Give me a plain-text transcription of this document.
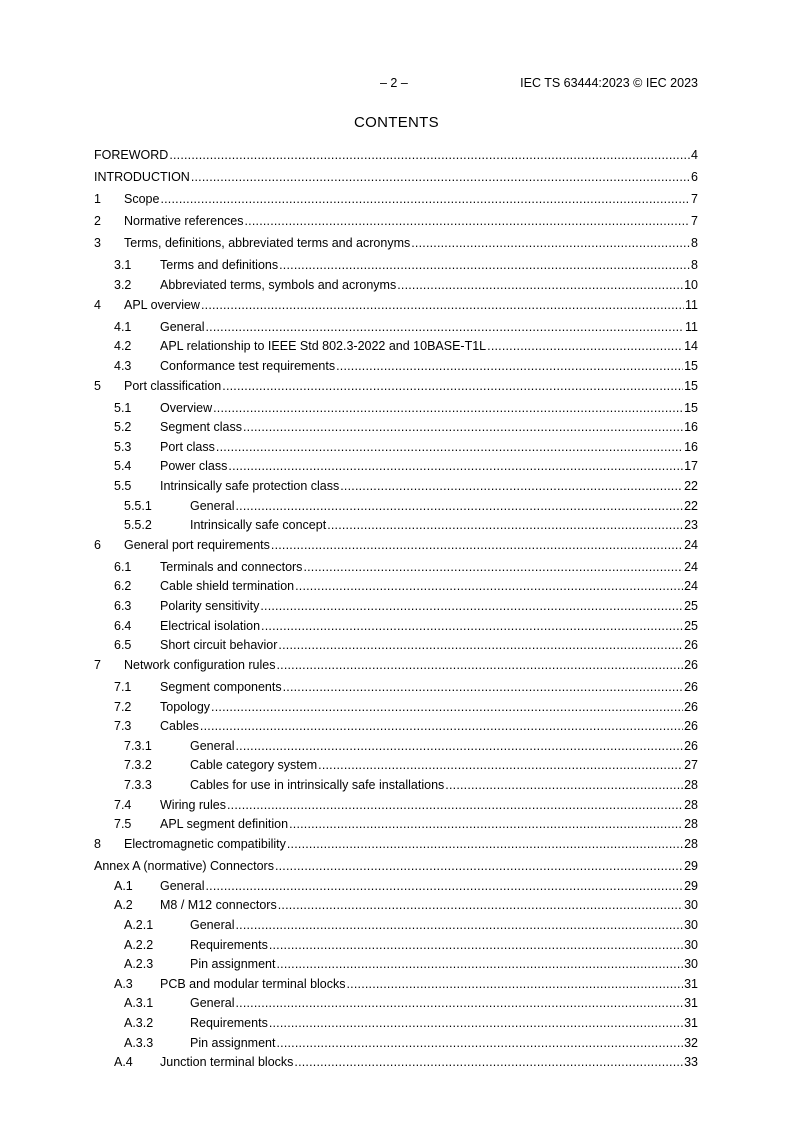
– 2 –	IEC TS 63444:2023 © IEC 2023
CONTENTS
FOREWORD .....	4
INTRODUCTION .....	6
1	Scope .....	7
2	Normative references .....	7
3	Terms, definitions, abbreviated terms and acronyms .....	8
3.1	Terms and definitions .....	8
3.2	Abbreviated terms, symbols and acronyms .....	10
4	APL overview .....	11
4.1	General .....	11
4.2	APL relationship to IEEE Std 802.3-2022 and 10BASE-T1L .....	14
4.3	Conformance test requirements .....	15
5	Port classification .....	15
5.1	Overview .....	15
5.2	Segment class .....	16
5.3	Port class .....	16
5.4	Power class .....	17
5.5	Intrinsically safe protection class .....	22
5.5.1	General .....	22
5.5.2	Intrinsically safe concept .....	23
6	General port requirements .....	24
6.1	Terminals and connectors .....	24
6.2	Cable shield termination .....	24
6.3	Polarity sensitivity .....	25
6.4	Electrical isolation .....	25
6.5	Short circuit behavior .....	26
7	Network configuration rules .....	26
7.1	Segment components .....	26
7.2	Topology .....	26
7.3	Cables .....	26
7.3.1	General .....	26
7.3.2	Cable category system .....	27
7.3.3	Cables for use in intrinsically safe installations .....	28
7.4	Wiring rules .....	28
7.5	APL segment definition .....	28
8	Electromagnetic compatibility .....	28
Annex A (normative) Connectors .....	29
A.1	General .....	29
A.2	M8 / M12 connectors .....	30
A.2.1	General .....	30
A.2.2	Requirements .....	30
A.2.3	Pin assignment .....	30
A.3	PCB and modular terminal blocks .....	31
A.3.1	General .....	31
A.3.2	Requirements .....	31
A.3.3	Pin assignment .....	32
A.4	Junction terminal blocks .....	33
